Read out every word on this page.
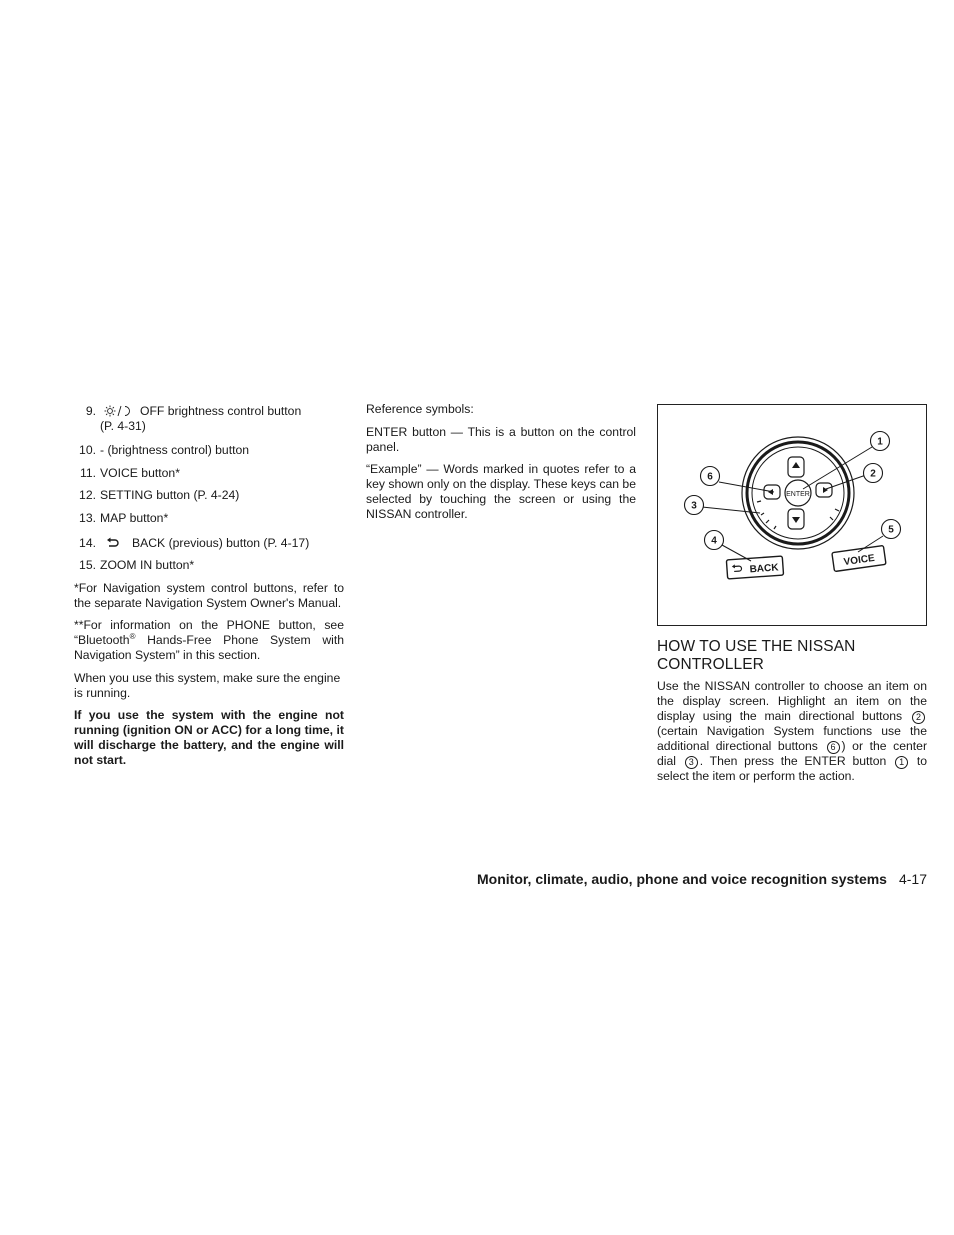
9.	OFF brightness control button
(P. 4-31)
10. - (brightness control) button
11. VOICE button*
12. SETTING button (P. 4-24)
13. MAP button*
14.	BACK (previous) button (P. 4-17)
15. ZOOM IN button*

*For Navigation system control buttons, refer to the separate Navigation System Owner's Manual.

**For information on the PHONE button, see “Bluetooth® Hands-Free Phone System with Navigation System” in this section.

When you use this system, make sure the engine is running.

If you use the system with the engine not running (ignition ON or ACC) for a long time, it will discharge the battery, and the engine will not start.

Reference symbols:

ENTER button — This is a button on the control panel.

“Example” — Words marked in quotes refer to a key shown only on the display. These keys can be selected by touching the screen or using the NISSAN controller.

ENTER
BACK
VOICE
1
2
3
4
5
6
HOW TO USE THE NISSAN CONTROLLER

Use the NISSAN controller to choose an item on the display screen. Highlight an item on the display using the main directional buttons 2 (certain Navigation System functions use the additional directional buttons 6 ) or the center dial 3 . Then press the ENTER button 1 to select the item or perform the action.

Monitor, climate, audio, phone and voice recognition systems 4-17
